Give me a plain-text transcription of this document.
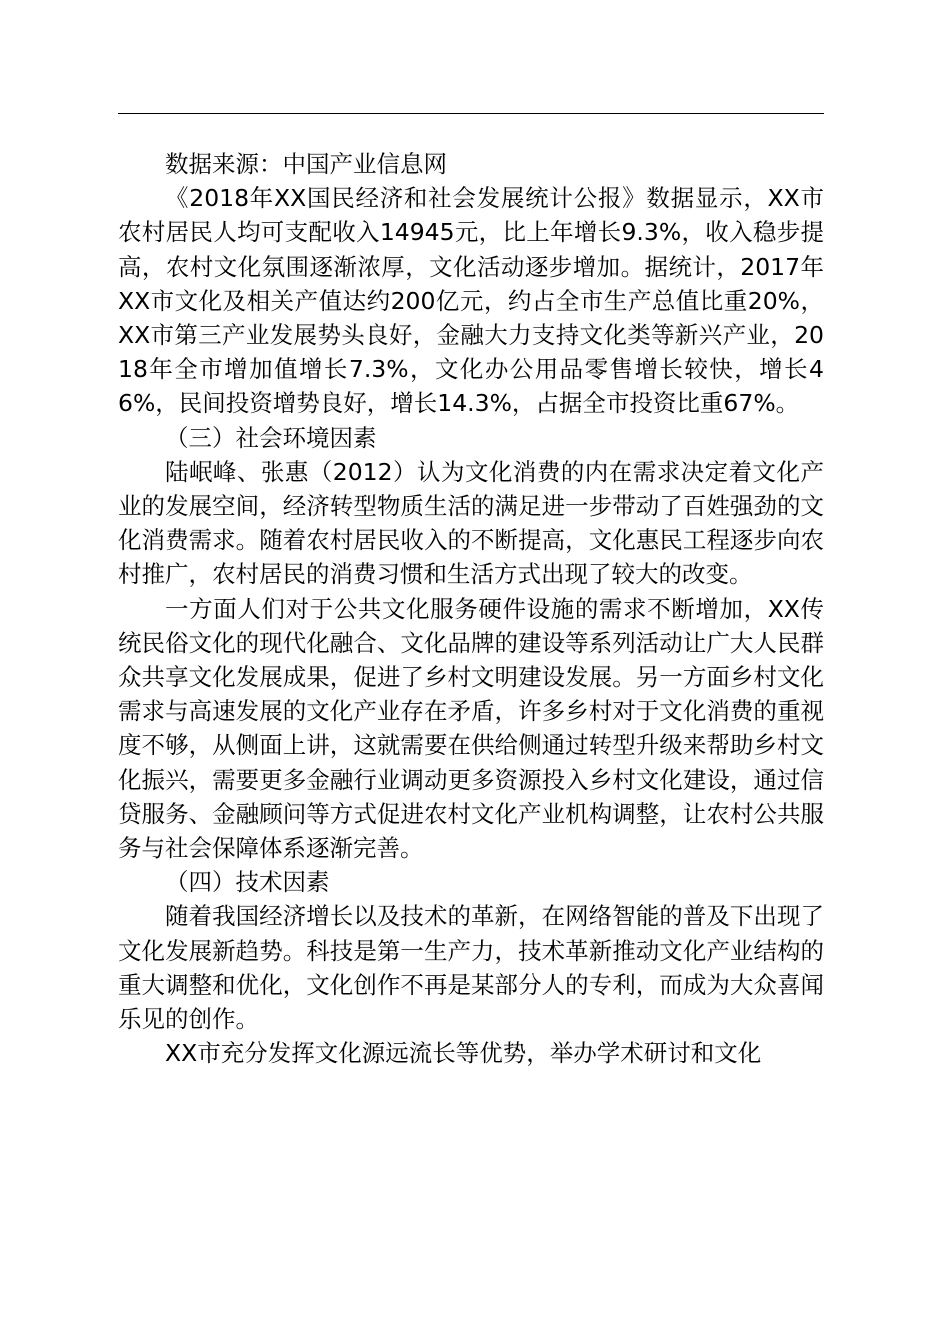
数据来源：中国产业信息网

《2018年XX国民经济和社会发展统计公报》数据显示，XX市农村居民人均可支配收入14945元，比上年增长9.3%，收入稳步提高，农村文化氛围逐渐浓厚，文化活动逐步增加。据统计，2017年XX市文化及相关产值达约200亿元，约占全市生产总值比重20%，XX市第三产业发展势头良好，金融大力支持文化类等新兴产业，2018年全市增加值增长7.3%，文化办公用品零售增长较快，增长46%，民间投资增势良好，增长14.3%，占据全市投资比重67%。

（三）社会环境因素

陆岷峰、张惠（2012）认为文化消费的内在需求决定着文化产业的发展空间，经济转型物质生活的满足进一步带动了百姓强劲的文化消费需求。随着农村居民收入的不断提高，文化惠民工程逐步向农村推广，农村居民的消费习惯和生活方式出现了较大的改变。

一方面人们对于公共文化服务硬件设施的需求不断增加，XX传统民俗文化的现代化融合、文化品牌的建设等系列活动让广大人民群众共享文化发展成果，促进了乡村文明建设发展。另一方面乡村文化需求与高速发展的文化产业存在矛盾，许多乡村对于文化消费的重视度不够，从侧面上讲，这就需要在供给侧通过转型升级来帮助乡村文化振兴，需要更多金融行业调动更多资源投入乡村文化建设，通过信贷服务、金融顾问等方式促进农村文化产业机构调整，让农村公共服务与社会保障体系逐渐完善。

（四）技术因素

随着我国经济增长以及技术的革新，在网络智能的普及下出现了文化发展新趋势。科技是第一生产力，技术革新推动文化产业结构的重大调整和优化，文化创作不再是某部分人的专利，而成为大众喜闻乐见的创作。

XX市充分发挥文化源远流长等优势，举办学术研讨和文化
